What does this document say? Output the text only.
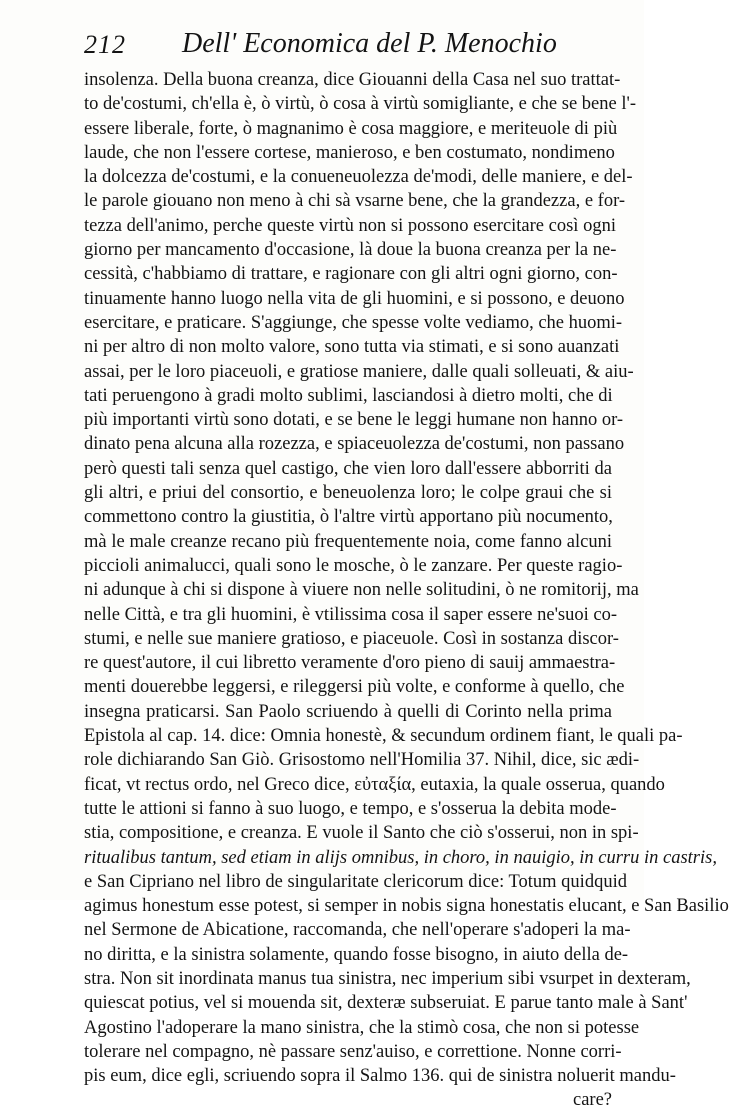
212 Dell' Economica del P. Menochio
insolenza. Della buona creanza, dice Giouanni della Casa nel suo trattat-
to de'costumi, ch'ella è, ò virtù, ò cosa à virtù somigliante, e che se bene l'-
essere liberale, forte, ò magnanimo è cosa maggiore, e meriteuole di più
laude, che non l'essere cortese, manieroso, e ben costumato, nondimeno
la dolcezza de'costumi, e la conueneuolezza de'modi, delle maniere, e del-
le parole giouano non meno à chi sà vsarne bene, che la grandezza, e for-
tezza dell'animo, perche queste virtù non si possono esercitare così ogni
giorno per mancamento d'occasione, là doue la buona creanza per la ne-
cessità, c'habbiamo di trattare, e ragionare con gli altri ogni giorno, con-
tinuamente hanno luogo nella vita de gli huomini, e si possono, e deuono
esercitare, e praticare. S'aggiunge, che spesse volte vediamo, che huomi-
ni per altro di non molto valore, sono tutta via stimati, e si sono auanzati
assai, per le loro piaceuoli, e gratiose maniere, dalle quali solleuati, & aiu-
tati peruengono à gradi molto sublimi, lasciandosi à dietro molti, che di
più importanti virtù sono dotati, e se bene le leggi humane non hanno or-
dinato pena alcuna alla rozezza, e spiaceuolezza de'costumi, non passano
però questi tali senza quel castigo, che vien loro dall'essere abborriti da
gli altri, e priui del consortio, e beneuolenza loro; le colpe graui che si
commettono contro la giustitia, ò l'altre virtù apportano più nocumento,
mà le male creanze recano più frequentemente noia, come fanno alcuni
piccioli animalucci, quali sono le mosche, ò le zanzare. Per queste ragio-
ni adunque à chi si dispone à viuere non nelle solitudini, ò ne romitorij, ma
nelle Città, e tra gli huomini, è vtilissima cosa il saper essere ne'suoi co-
stumi, e nelle sue maniere gratioso, e piaceuole. Così in sostanza discor-
re quest'autore, il cui libretto veramente d'oro pieno di sauij ammaestra-
menti douerebbe leggersi, e rileggersi più volte, e conforme à quello, che
insegna praticarsi. San Paolo scriuendo à quelli di Corinto nella prima
Epistola al cap. 14. dice: Omnia honestè, & secundum ordinem fiant, le quali pa-
role dichiarando San Giò. Grisostomo nell'Homilia 37. Nihil, dice, sic ædi-
ficat, vt rectus ordo, nel Greco dice, εὐταξία, eutaxia, la quale osserua, quando
tutte le attioni si fanno à suo luogo, e tempo, e s'osserua la debita mode-
stia, compositione, e creanza. E vuole il Santo che ciò s'osserui, non in spi-
ritualibus tantum, sed etiam in alijs omnibus, in choro, in nauigio, in curru in castris,
e San Cipriano nel libro de singularitate clericorum dice: Totum quidquid
agimus honestum esse potest, si semper in nobis signa honestatis elucant, e San Basilio
nel Sermone de Abicatione, raccomanda, che nell'operare s'adoperi la ma-
no diritta, e la sinistra solamente, quando fosse bisogno, in aiuto della de-
stra. Non sit inordinata manus tua sinistra, nec imperium sibi vsurpet in dexteram,
quiescat potius, vel si mouenda sit, dexteræ subseruiat. E parue tanto male à Sant'
Agostino l'adoperare la mano sinistra, che la stimò cosa, che non si potesse
tolerare nel compagno, nè passare senz'auiso, e correttione. Nonne corri-
pis eum, dice egli, scriuendo sopra il Salmo 136. qui de sinistra noluerit mandu-
care?
